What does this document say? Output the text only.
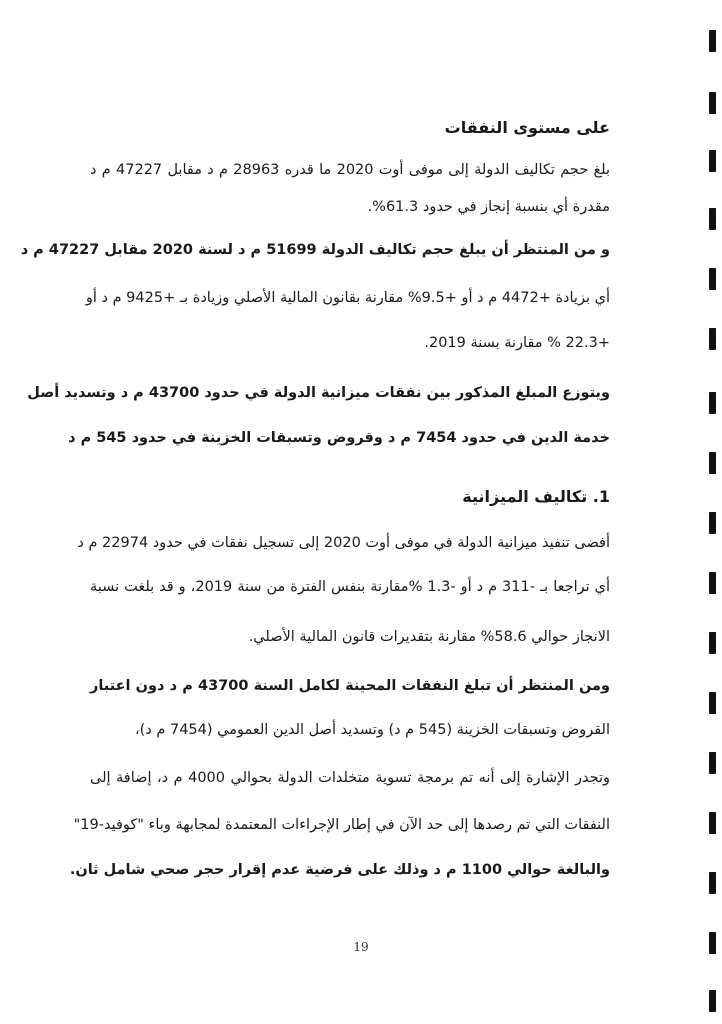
على مستوى النفقات
بلغ حجم تكاليف الدولة إلى موفى أوت 2020 ما قدره 28963 م د مقابل 47227 م د
مقدرة أي بنسبة إنجاز في حدود 61.3%.
و من المنتظر أن يبلغ حجم تكاليف الدولة 51699 م د لسنة 2020 مقابل 47227 م د
أي بزيادة +4472 م د أو +9.5% مقارنة بقانون المالية الأصلي وزيادة بـ +9425 م د أو
+22.3 % مقارنة بسنة 2019.
ويتوزع المبلغ المذكور بين نفقات ميزانية الدولة في حدود 43700 م د وتسديد أصل
خدمة الدين في حدود 7454 م د وقروض وتسبقات الخزينة في حدود 545 م د
1. تكاليف الميزانية
أفضى تنفيذ ميزانية الدولة في موفى أوت 2020 إلى تسجيل نفقات في حدود 22974 م د
أي تراجعا بـ -311 م د أو -1.3 %مقارنة بنفس الفترة من سنة 2019، و قد بلغت نسبة
الانجاز حوالي 58.6% مقارنة بتقديرات قانون المالية الأصلي.
ومن المنتظر أن تبلغ النفقات المحينة لكامل السنة 43700 م د دون اعتبار
القروض وتسبقات الخزينة (545 م د) وتسديد أصل الدين العمومي (7454 م د)،
وتجدر الإشارة إلى أنه تم برمجة تسوية متخلدات الدولة بحوالي 4000 م د، إضافة إلى
النفقات التي تم رصدها إلى حد الآن في إطار الإجراءات المعتمدة لمجابهة وباء "كوفيد-19"
والبالغة حوالي 1100 م د وذلك على فرضية عدم إقرار حجر صحي شامل ثان.
19
